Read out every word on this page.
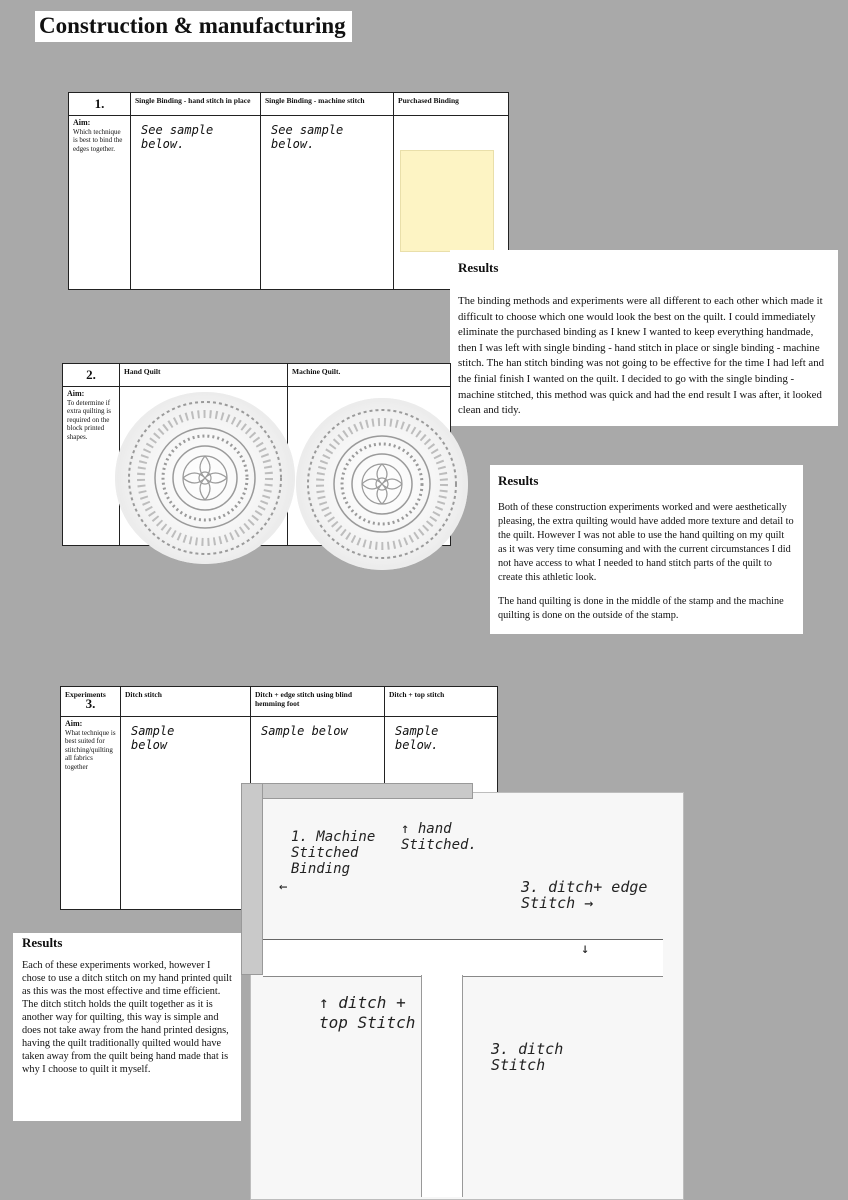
Construction & manufacturing
1.	Single Binding - hand stitch in place	Single Binding - machine stitch	Purchased Binding

Aim:
Which technique is best to bind the edges together.	See sample below.	See sample below.	

Results

The binding methods and experiments were all different to each other which made it difficult to choose which one would look the best on the quilt. I could immediately eliminate the purchased binding as I knew I wanted to keep everything handmade, then I was left with single binding - hand stitch in place or single binding - machine stitch. The han stitch binding was not going to be effective for the time I had left and the finial finish I wanted on the quilt. I decided to go with the single binding - machine stitched, this method was quick and had the end result I was after, it looked clean and tidy.

2.	Hand Quilt	Machine Quilt.

Aim:
To determine if extra quilting is required on the block printed shapes.		
Results

Both of these construction experiments worked and were aesthetically pleasing, the extra quilting would have added more texture and detail to the quilt. However I was not able to use the hand quilting on my quilt as it was very time consuming and with the current circumstances I did not have access to what I needed to hand stitch parts of the quilt to create this athletic look.

The hand quilting is done in the middle of the stamp and the machine quilting is done on the outside of the stamp.

Experiments
3.	Ditch stitch	Ditch + edge stitch using blind hemming foot	Ditch + top stitch

Aim:
What technique is best suited for stitching/quilting all fabrics together	Sample below	Sample below	Sample below.
1. Machine Stitched Binding
←
↑ hand Stitched.
3. ditch+ edge Stitch →
↓
↑ ditch + top Stitch
3. ditch Stitch
Results

Each of these experiments worked, however I chose to use a ditch stitch on my hand printed quilt as this was the most effective and time efficient.

The ditch stitch holds the quilt together as it is another way for quilting, this way is simple and does not take away from the hand printed designs, having the quilt traditionally quilted would have taken away from the quilt being hand made that is why I choose to quilt it myself.
